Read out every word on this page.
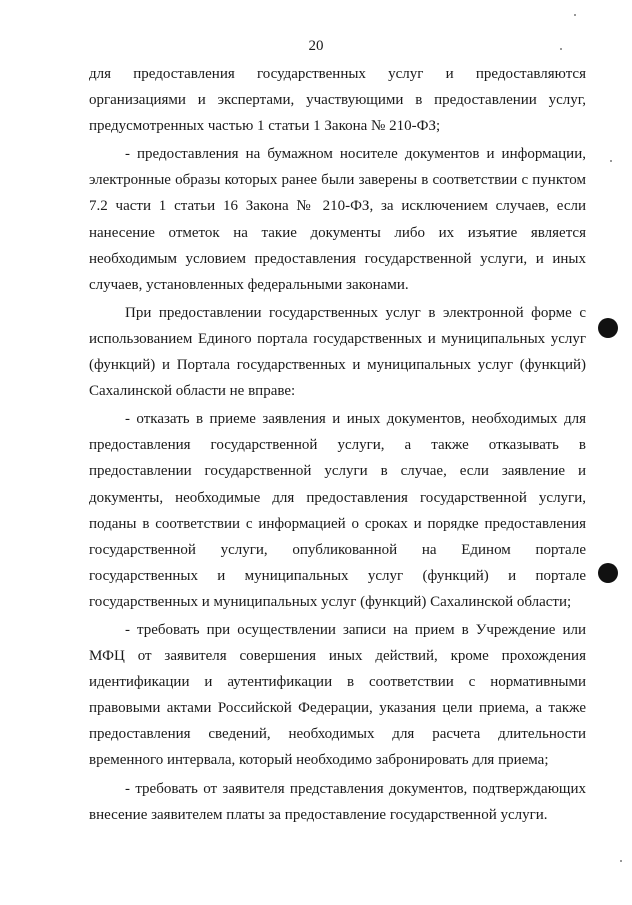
20

для предоставления государственных услуг и предоставляются организациями и экспертами, участвующими в предоставлении услуг, предусмотренных частью 1 статьи 1 Закона № 210-ФЗ;

- предоставления на бумажном носителе документов и информации, электронные образы которых ранее были заверены в соответствии с пунктом 7.2 части 1 статьи 16 Закона № 210-ФЗ, за исключением случаев, если нанесение отметок на такие документы либо их изъятие является необходимым условием предоставления государственной услуги, и иных случаев, установленных федеральными законами.

При предоставлении государственных услуг в электронной форме с использованием Единого портала государственных и муниципальных услуг (функций) и Портала государственных и муниципальных услуг (функций) Сахалинской области не вправе:

- отказать в приеме заявления и иных документов, необходимых для предоставления государственной услуги, а также отказывать в предоставлении государственной услуги в случае, если заявление и документы, необходимые для предоставления государственной услуги, поданы в соответствии с информацией о сроках и порядке предоставления государственной услуги, опубликованной на Едином портале государственных и муниципальных услуг (функций) и портале государственных и муниципальных услуг (функций) Сахалинской области;

- требовать при осуществлении записи на прием в Учреждение или МФЦ от заявителя совершения иных действий, кроме прохождения идентификации и аутентификации в соответствии с нормативными правовыми актами Российской Федерации, указания цели приема, а также предоставления сведений, необходимых для расчета длительности временного интервала, который необходимо забронировать для приема;

- требовать от заявителя представления документов, подтверждающих внесение заявителем платы за предоставление государственной услуги.
